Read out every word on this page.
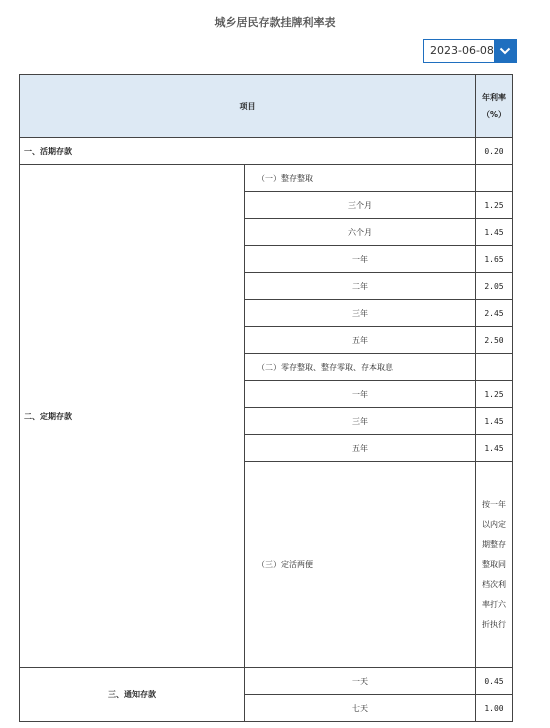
城乡居民存款挂牌利率表
2023-06-08
项目		年利率（%）
一、活期存款		0.20
二、定期存款	（一）整存整取	
	三个月	1.25
	六个月	1.45
	一年	1.65
	二年	2.05
	三年	2.45
	五年	2.50
	（二）零存整取、整存零取、存本取息	
	一年	1.25
	三年	1.45
	五年	1.45
	（三）定活两便	按一年以内定期整存整取同档次利率打六折执行
三、通知存款	一天	0.45
	七天	1.00
